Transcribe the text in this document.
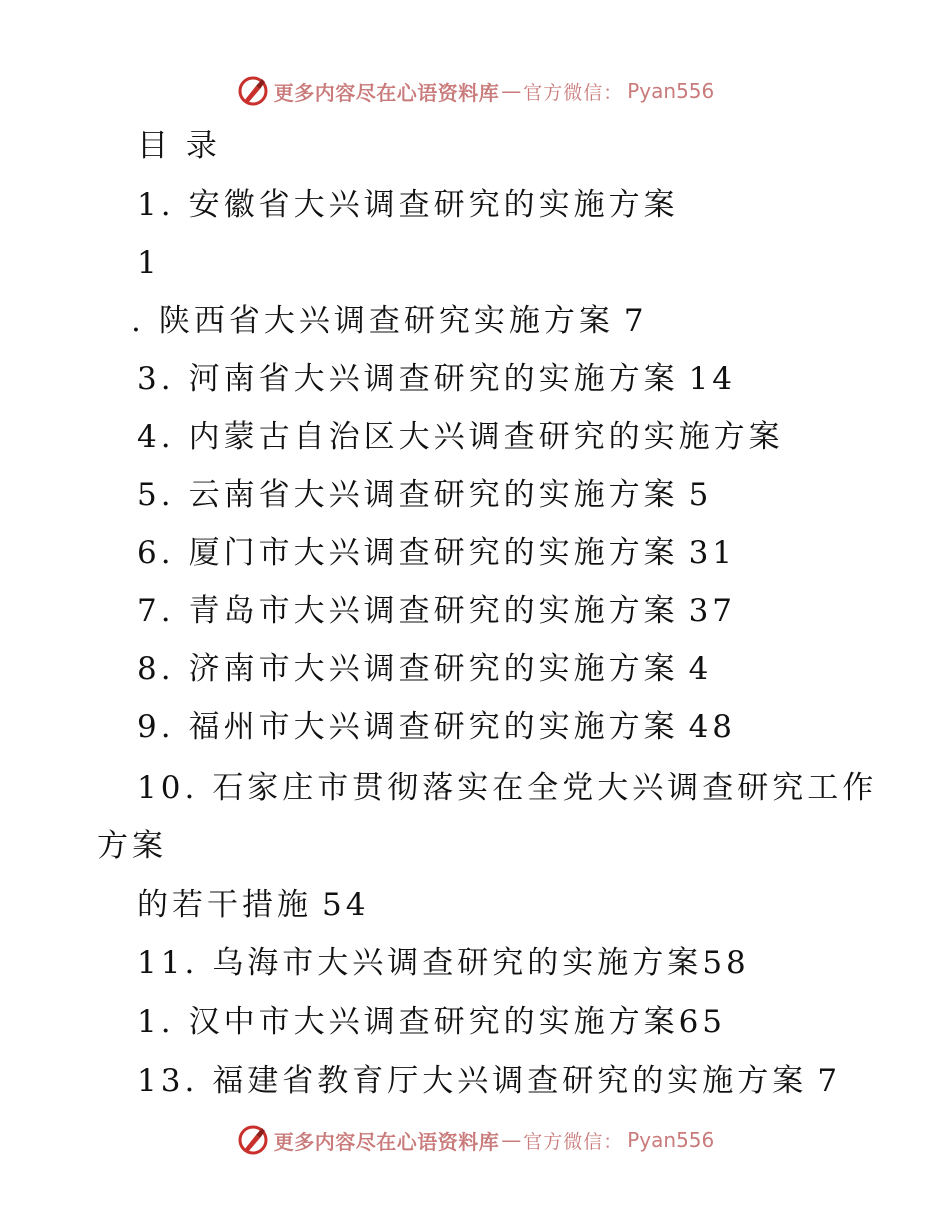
更多内容尽在心语资料库 — 官方微信： Pyan556
目 录
1. 安徽省大兴调查研究的实施方案
1
. 陕西省大兴调查研究实施方案 7
3. 河南省大兴调查研究的实施方案 14
4. 内蒙古自治区大兴调查研究的实施方案
5. 云南省大兴调查研究的实施方案 5
6. 厦门市大兴调查研究的实施方案 31
7. 青岛市大兴调查研究的实施方案 37
8. 济南市大兴调查研究的实施方案 4
9. 福州市大兴调查研究的实施方案 48
10. 石家庄市贯彻落实在全党大兴调查研究工作
方案
的若干措施 54
11. 乌海市大兴调查研究的实施方案58
1. 汉中市大兴调查研究的实施方案65
13. 福建省教育厅大兴调查研究的实施方案 7
更多内容尽在心语资料库 — 官方微信： Pyan556
